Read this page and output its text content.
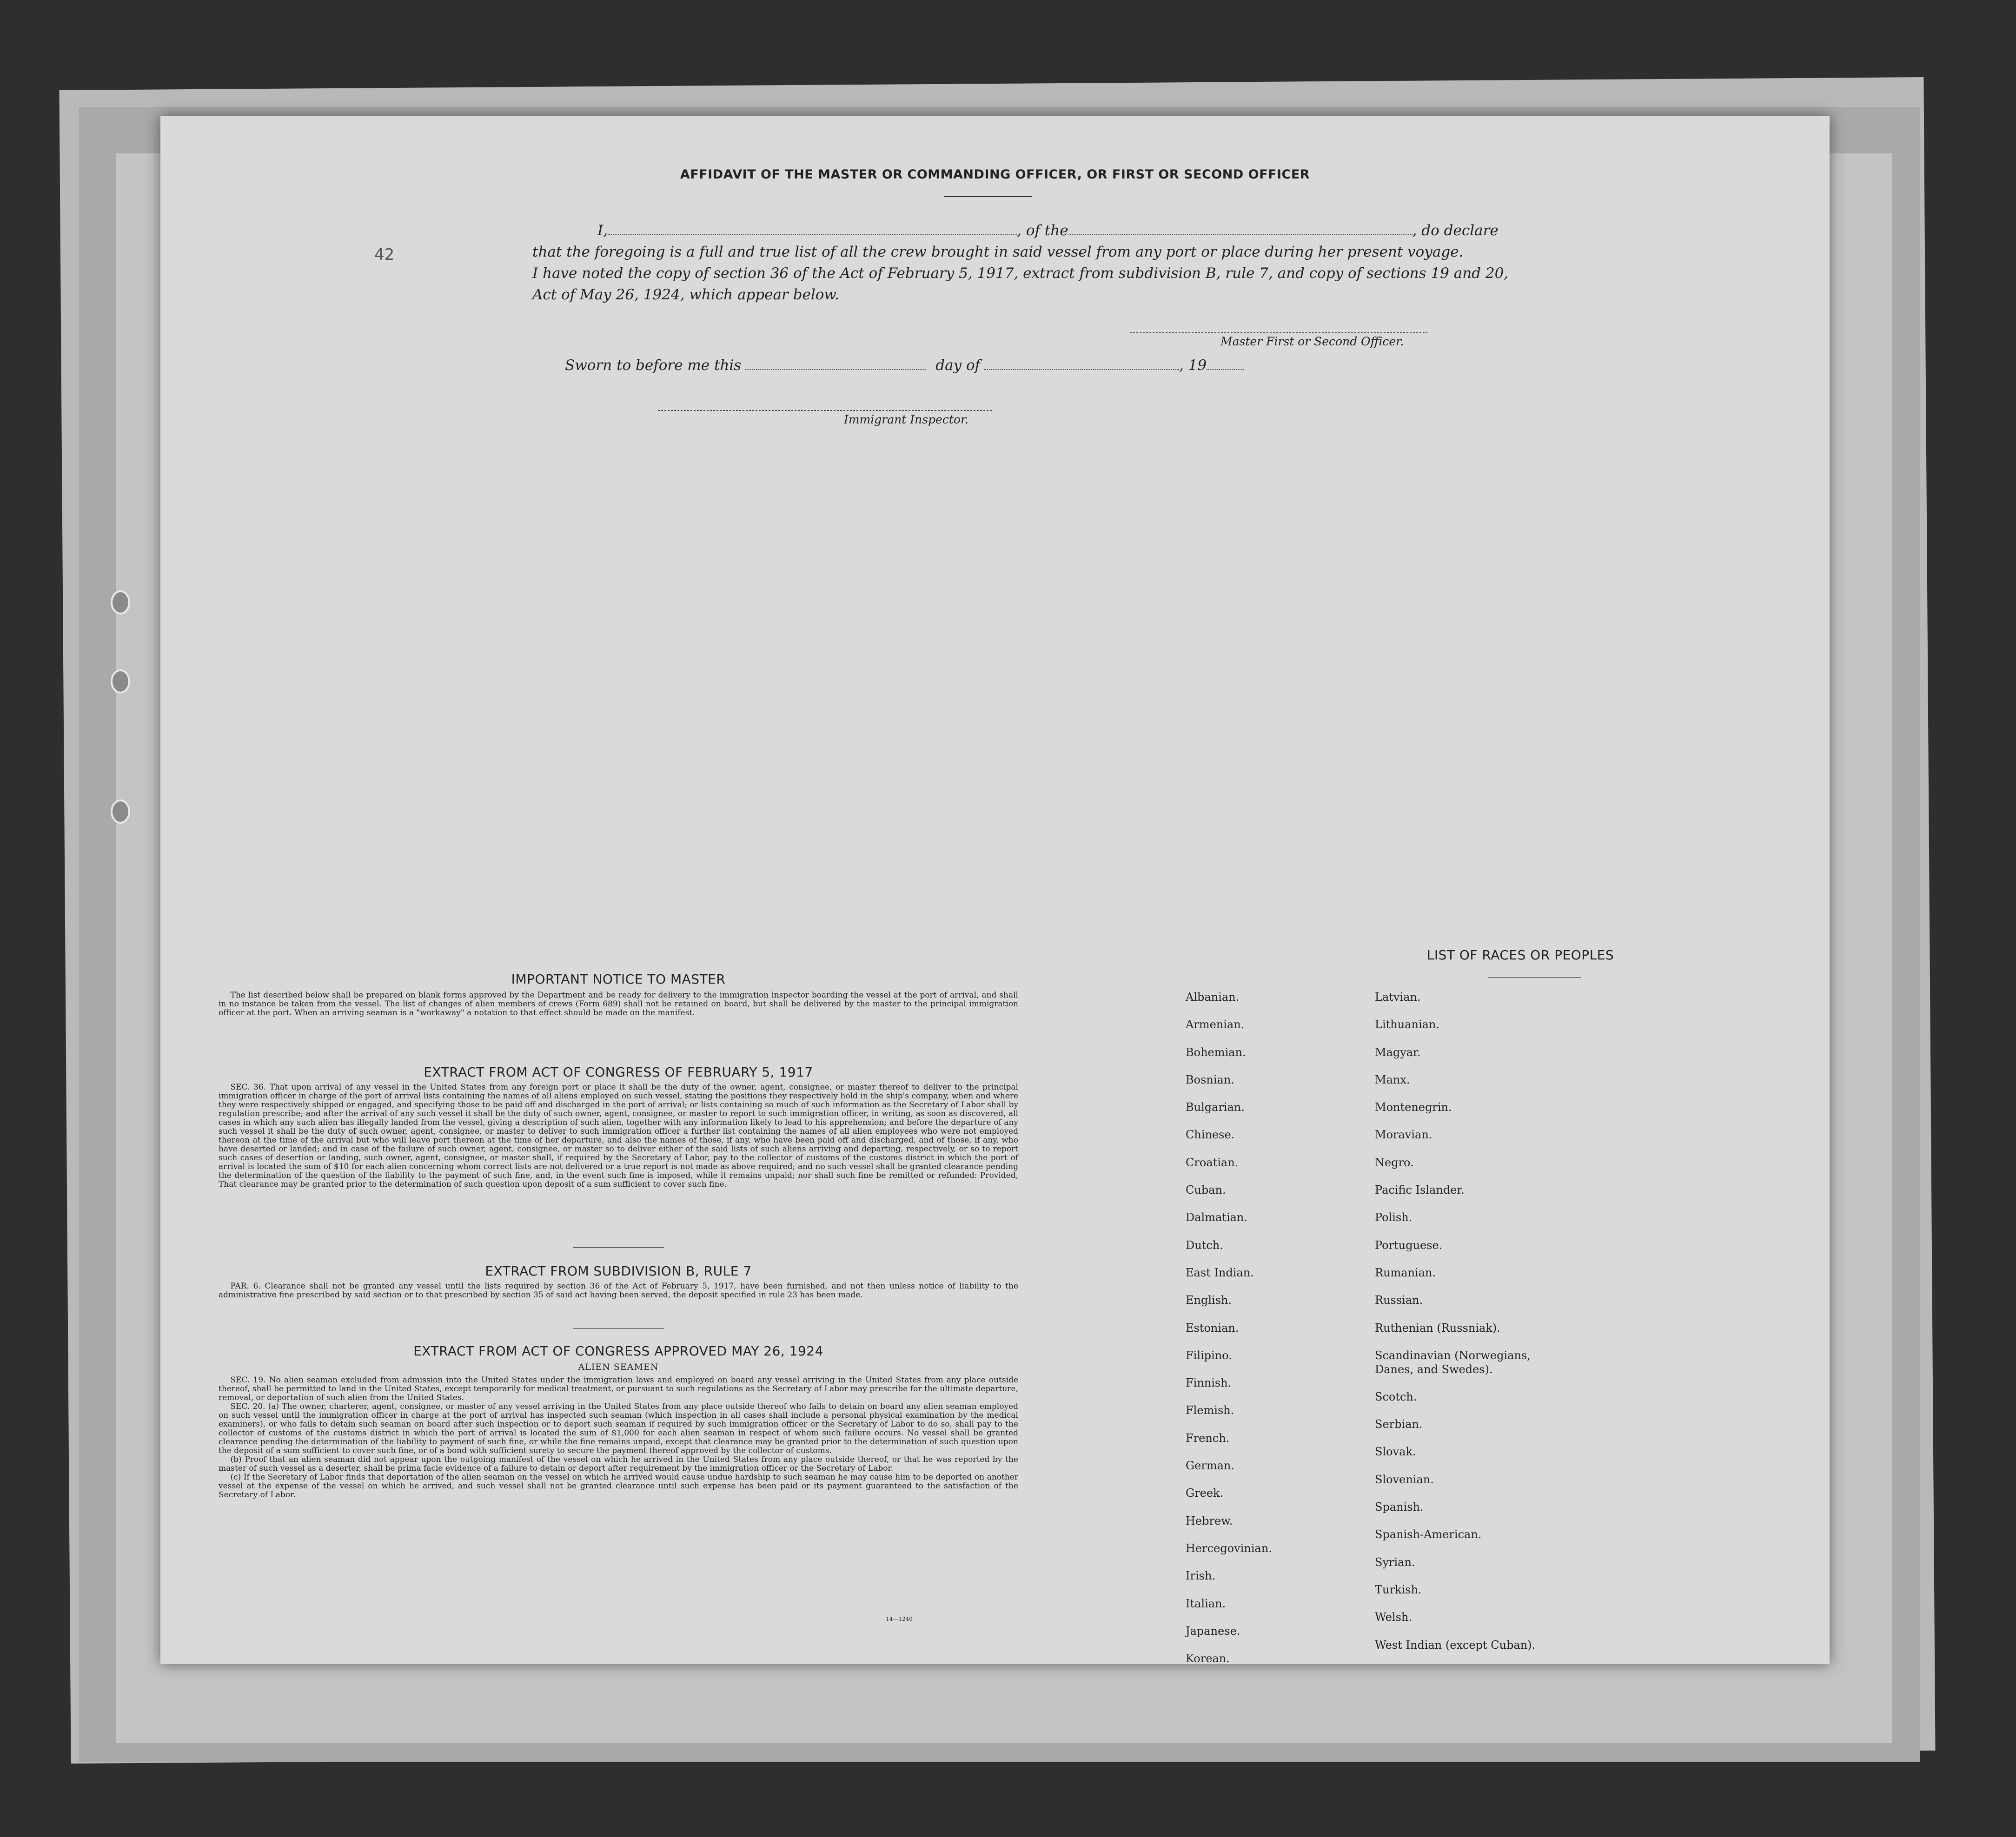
AFFIDAVIT OF THE MASTER OR COMMANDING OFFICER, OR FIRST OR SECOND OFFICER
42
I,	, of the	, do declare
that the foregoing is a full and true list of all the crew brought in said vessel from any port or place during her present voyage.
I have noted the copy of section 36 of the Act of February 5, 1917, extract from subdivision B, rule 7, and copy of sections 19 and 20,
Act of May 26, 1924, which appear below.
Master First or Second Officer.
Sworn to before me this	day of	, 19
Immigrant Inspector.
IMPORTANT NOTICE TO MASTER

The list described below shall be prepared on blank forms approved by the Department and be ready for delivery to the immigration inspector boarding the vessel at the port of arrival, and shall in no instance be taken from the vessel. The list of changes of alien members of crews (Form 689) shall not be retained on board, but shall be delivered by the master to the principal immigration officer at the port. When an arriving seaman is a "workaway" a notation to that effect should be made on the manifest.

EXTRACT FROM ACT OF CONGRESS OF FEBRUARY 5, 1917

SEC. 36. That upon arrival of any vessel in the United States from any foreign port or place it shall be the duty of the owner, agent, consignee, or master thereof to deliver to the principal immigration officer in charge of the port of arrival lists containing the names of all aliens employed on such vessel, stating the positions they respectively hold in the ship's company, when and where they were respectively shipped or engaged, and specifying those to be paid off and discharged in the port of arrival; or lists containing so much of such information as the Secretary of Labor shall by regulation prescribe; and after the arrival of any such vessel it shall be the duty of such owner, agent, consignee, or master to report to such immigration officer, in writing, as soon as discovered, all cases in which any such alien has illegally landed from the vessel, giving a description of such alien, together with any information likely to lead to his apprehension; and before the departure of any such vessel it shall be the duty of such owner, agent, consignee, or master to deliver to such immigration officer a further list containing the names of all alien employees who were not employed thereon at the time of the arrival but who will leave port thereon at the time of her departure, and also the names of those, if any, who have been paid off and discharged, and of those, if any, who have deserted or landed; and in case of the failure of such owner, agent, consignee, or master so to deliver either of the said lists of such aliens arriving and departing, respectively, or so to report such cases of desertion or landing, such owner, agent, consignee, or master shall, if required by the Secretary of Labor, pay to the collector of customs of the customs district in which the port of arrival is located the sum of $10 for each alien concerning whom correct lists are not delivered or a true report is not made as above required; and no such vessel shall be granted clearance pending the determination of the question of the liability to the payment of such fine, and, in the event such fine is imposed, while it remains unpaid; nor shall such fine be remitted or refunded: Provided, That clearance may be granted prior to the determination of such question upon deposit of a sum sufficient to cover such fine.

EXTRACT FROM SUBDIVISION B, RULE 7

PAR. 6. Clearance shall not be granted any vessel until the lists required by section 36 of the Act of February 5, 1917, have been furnished, and not then unless notice of liability to the administrative fine prescribed by said section or to that prescribed by section 35 of said act having been served, the deposit specified in rule 23 has been made.

EXTRACT FROM ACT OF CONGRESS APPROVED MAY 26, 1924
ALIEN SEAMEN

SEC. 19. No alien seaman excluded from admission into the United States under the immigration laws and employed on board any vessel arriving in the United States from any place outside thereof, shall be permitted to land in the United States, except temporarily for medical treatment, or pursuant to such regulations as the Secretary of Labor may prescribe for the ultimate departure, removal, or deportation of such alien from the United States.

SEC. 20. (a) The owner, charterer, agent, consignee, or master of any vessel arriving in the United States from any place outside thereof who fails to detain on board any alien seaman employed on such vessel until the immigration officer in charge at the port of arrival has inspected such seaman (which inspection in all cases shall include a personal physical examination by the medical examiners), or who fails to detain such seaman on board after such inspection or to deport such seaman if required by such immigration officer or the Secretary of Labor to do so, shall pay to the collector of customs of the customs district in which the port of arrival is located the sum of $1,000 for each alien seaman in respect of whom such failure occurs. No vessel shall be granted clearance pending the determination of the liability to payment of such fine, or while the fine remains unpaid, except that clearance may be granted prior to the determination of such question upon the deposit of a sum sufficient to cover such fine, or of a bond with sufficient surety to secure the payment thereof approved by the collector of customs.

(b) Proof that an alien seaman did not appear upon the outgoing manifest of the vessel on which he arrived in the United States from any place outside thereof, or that he was reported by the master of such vessel as a deserter, shall be prima facie evidence of a failure to detain or deport after requirement by the immigration officer or the Secretary of Labor.

(c) If the Secretary of Labor finds that deportation of the alien seaman on the vessel on which he arrived would cause undue hardship to such seaman he may cause him to be deported on another vessel at the expense of the vessel on which he arrived, and such vessel shall not be granted clearance until such expense has been paid or its payment guaranteed to the satisfaction of the Secretary of Labor.

14—1240
LIST OF RACES OR PEOPLES
Albanian.
Armenian.
Bohemian.
Bosnian.
Bulgarian.
Chinese.
Croatian.
Cuban.
Dalmatian.
Dutch.
East Indian.
English.
Estonian.
Filipino.
Finnish.
Flemish.
French.
German.
Greek.
Hebrew.
Hercegovinian.
Irish.
Italian.
Japanese.
Korean.
Latvian.
Lithuanian.
Magyar.
Manx.
Montenegrin.
Moravian.
Negro.
Pacific Islander.
Polish.
Portuguese.
Rumanian.
Russian.
Ruthenian (Russniak).
Scandinavian (Norwegians,
Danes, and Swedes).
Scotch.
Serbian.
Slovak.
Slovenian.
Spanish.
Spanish-American.
Syrian.
Turkish.
Welsh.
West Indian (except Cuban).
